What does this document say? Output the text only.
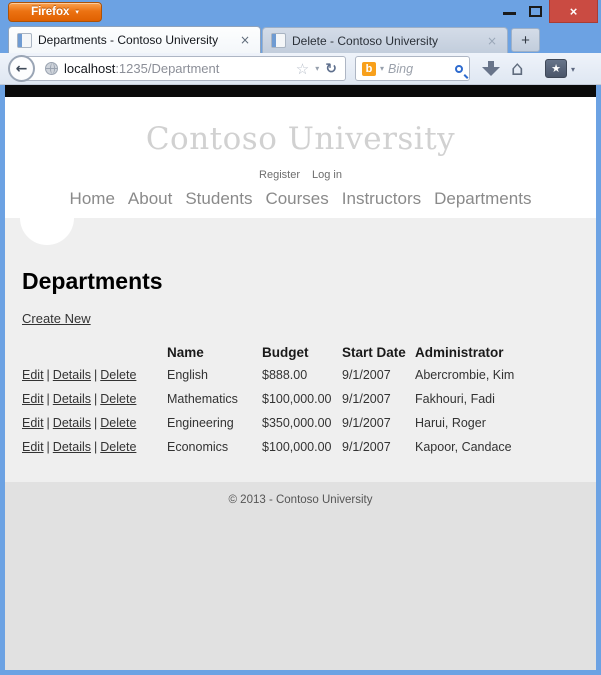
Firefox ▾	×
Departments - Contoso University	×	Delete - Contoso University	× +
←	localhost:1235/Department	☆ ▾ ↻	b ▾
Bing	⌂ ★ ▾
Contoso University
Register Log in
Home About Students Courses Instructors Departments
Departments
Create New
	Name	Budget	Start Date	Administrator
Edit | Details | Delete	English	$888.00	9/1/2007	Abercrombie, Kim
Edit | Details | Delete	Mathematics	$100,000.00	9/1/2007	Fakhouri, Fadi
Edit | Details | Delete	Engineering	$350,000.00	9/1/2007	Harui, Roger
Edit | Details | Delete	Economics	$100,000.00	9/1/2007	Kapoor, Candace
© 2013 - Contoso University
